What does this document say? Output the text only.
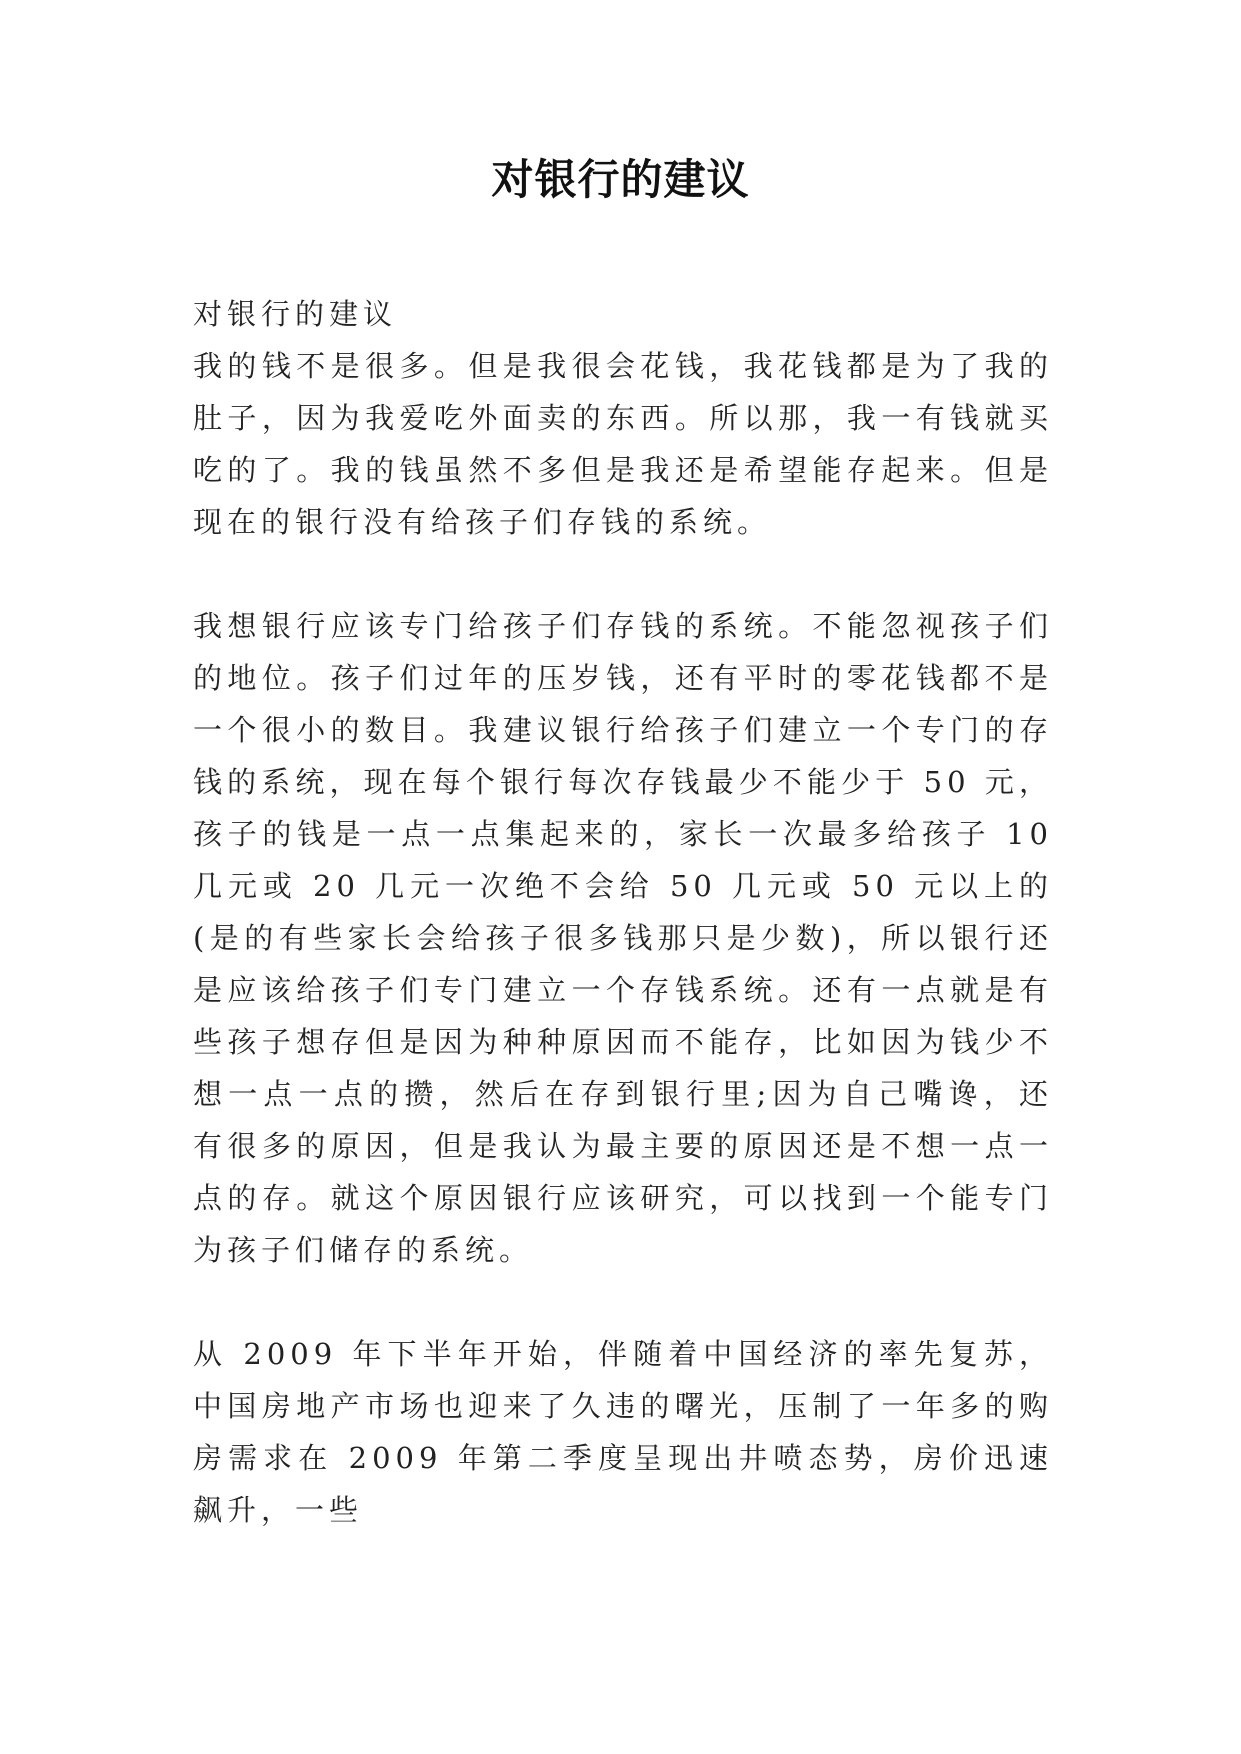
对银行的建议

对银行的建议

我的钱不是很多。但是我很会花钱，我花钱都是为了我的肚子，因为我爱吃外面卖的东西。所以那，我一有钱就买吃的了。我的钱虽然不多但是我还是希望能存起来。但是现在的银行没有给孩子们存钱的系统。

我想银行应该专门给孩子们存钱的系统。不能忽视孩子们的地位。孩子们过年的压岁钱，还有平时的零花钱都不是一个很小的数目。我建议银行给孩子们建立一个专门的存钱的系统，现在每个银行每次存钱最少不能少于 50 元，孩子的钱是一点一点集起来的，家长一次最多给孩子 10 几元或 20 几元一次绝不会给 50 几元或 50 元以上的(是的有些家长会给孩子很多钱那只是少数)，所以银行还是应该给孩子们专门建立一个存钱系统。还有一点就是有些孩子想存但是因为种种原因而不能存，比如因为钱少不想一点一点的攒，然后在存到银行里;因为自己嘴谗，还有很多的原因，但是我认为最主要的原因还是不想一点一点的存。就这个原因银行应该研究，可以找到一个能专门为孩子们储存的系统。

从 2009 年下半年开始，伴随着中国经济的率先复苏，中国房地产市场也迎来了久违的曙光，压制了一年多的购房需求在 2009 年第二季度呈现出井喷态势，房价迅速飙升，一些
